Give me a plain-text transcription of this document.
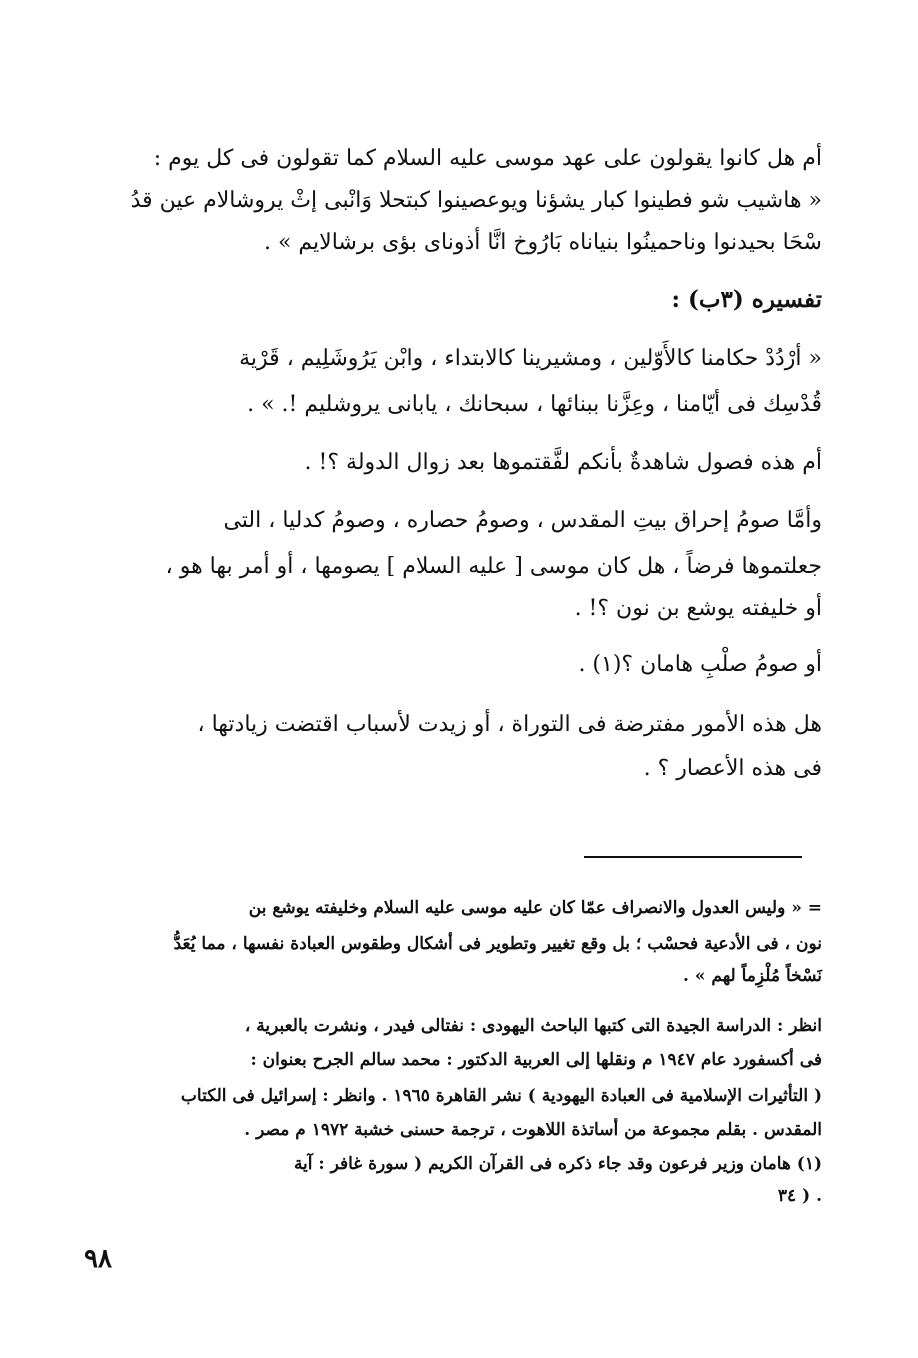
أم هل كانوا يقولون على عهد موسى عليه السلام كما تقولون فى كل يوم :
« هاشيب شو فطينوا كبار يشؤنا ويوعصينوا كبتحلا وَانْبى إثْ يروشالام عين قدُ
سْحَا بحيدنوا وناحمينُوا بنياناه بَارُوخ انَّا أذوناى بؤى برشالايم » .
تفسيره (٣ب) :
« أرْدُدْ حكامنا كالأَوّلين ، ومشيرينا كالابتداء ، وابْن يَرُوشَلِيم ، قَرْية
قُدْسِك فى أيّامنا ، وعِزَّنا ببنائها ، سبحانك ، يابانى يروشليم !. » .
أم هذه فصول شاهدةٌ بأنكم لفَّقتموها بعد زوال الدولة ؟! .
وأمَّا صومُ إحراق بيتِ المقدس ، وصومُ حصاره ، وصومُ كدليا ، التى
جعلتموها فرضاً ، هل كان موسى [ عليه السلام ] يصومها ، أو أمر بها هو ،
أو خليفته يوشع بن نون ؟! .
أو صومُ صلْبِ هامان ؟(١) .
هل هذه الأمور مفترضة فى التوراة ، أو زيدت لأسباب اقتضت زيادتها ،
فى هذه الأعصار ؟ .
= « وليس العدول والانصراف عمّا كان عليه موسى عليه السلام وخليفته يوشع بن
نون ، فى الأدعية فحسْب ؛ بل وقع تغيير وتطوير فى أشكال وطقوس العبادة نفسها ، مما يُعَدُّ
نَسْخاً مُلْزِماً لهم » .
انظر : الدراسة الجيدة التى كتبها الباحث اليهودى : نفتالى فيدر ، ونشرت بالعبرية ،
فى أكسفورد عام ١٩٤٧ م ونقلها إلى العربية الدكتور : محمد سالم الجرح بعنوان :
( التأثيرات الإسلامية فى العبادة اليهودية ) نشر القاهرة ١٩٦٥ . وانظر : إسرائيل فى الكتاب
المقدس . بقلم مجموعة من أساتذة اللاهوت ، ترجمة حسنى خشبة ١٩٧٢ م مصر .
(١) هامان وزير فرعون وقد جاء ذكره فى القرآن الكريم ( سورة غافر : آية
. ( ٣٤
٩٨
